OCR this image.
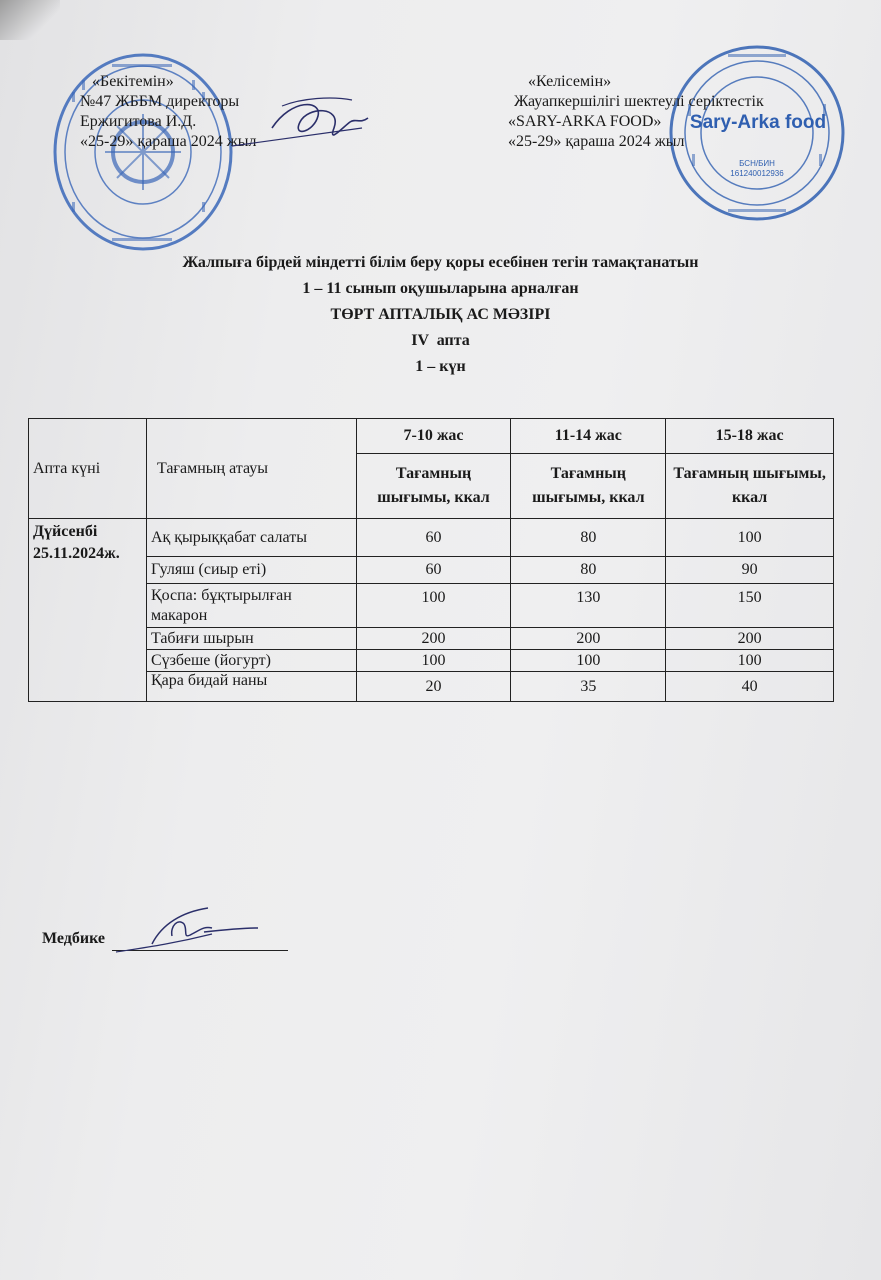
Sary-Arka food
БСН/БИН
161240012936
«Бекітемін»
№47 ЖББМ директоры
Ержигитова И.Д.
«25-29» қараша 2024 жыл
«Келісемін»
Жауапкершілігі шектеулі серіктестік
«SARY-ARKA FOOD»
«25-29» қараша 2024 жыл
Жалпыға бірдей міндетті білім беру қоры есебінен тегін тамақтанатын
1 – 11 сынып оқушыларына арналған
ТӨРТ АПТАЛЫҚ АС МӘЗІРІ
IV  апта
1 – күн
Апта күні	Тағамның атауы	7-10 жас	11-14 жас	15-18 жас
		Тағамның шығымы, ккал	Тағамның шығымы, ккал	Тағамның шығымы, ккал

Дүйсенбі
25.11.2024ж.	Ақ қырыққабат салаты	60	80	100
	Гуляш (сиыр еті)	60	80	90
	Қоспа: бұқтырылған макарон	100	130	150
	Табиғи шырын	200	200	200
	Сүзбеше (йогурт)	100	100	100
	Қара бидай наны	20	35	40
Медбике
